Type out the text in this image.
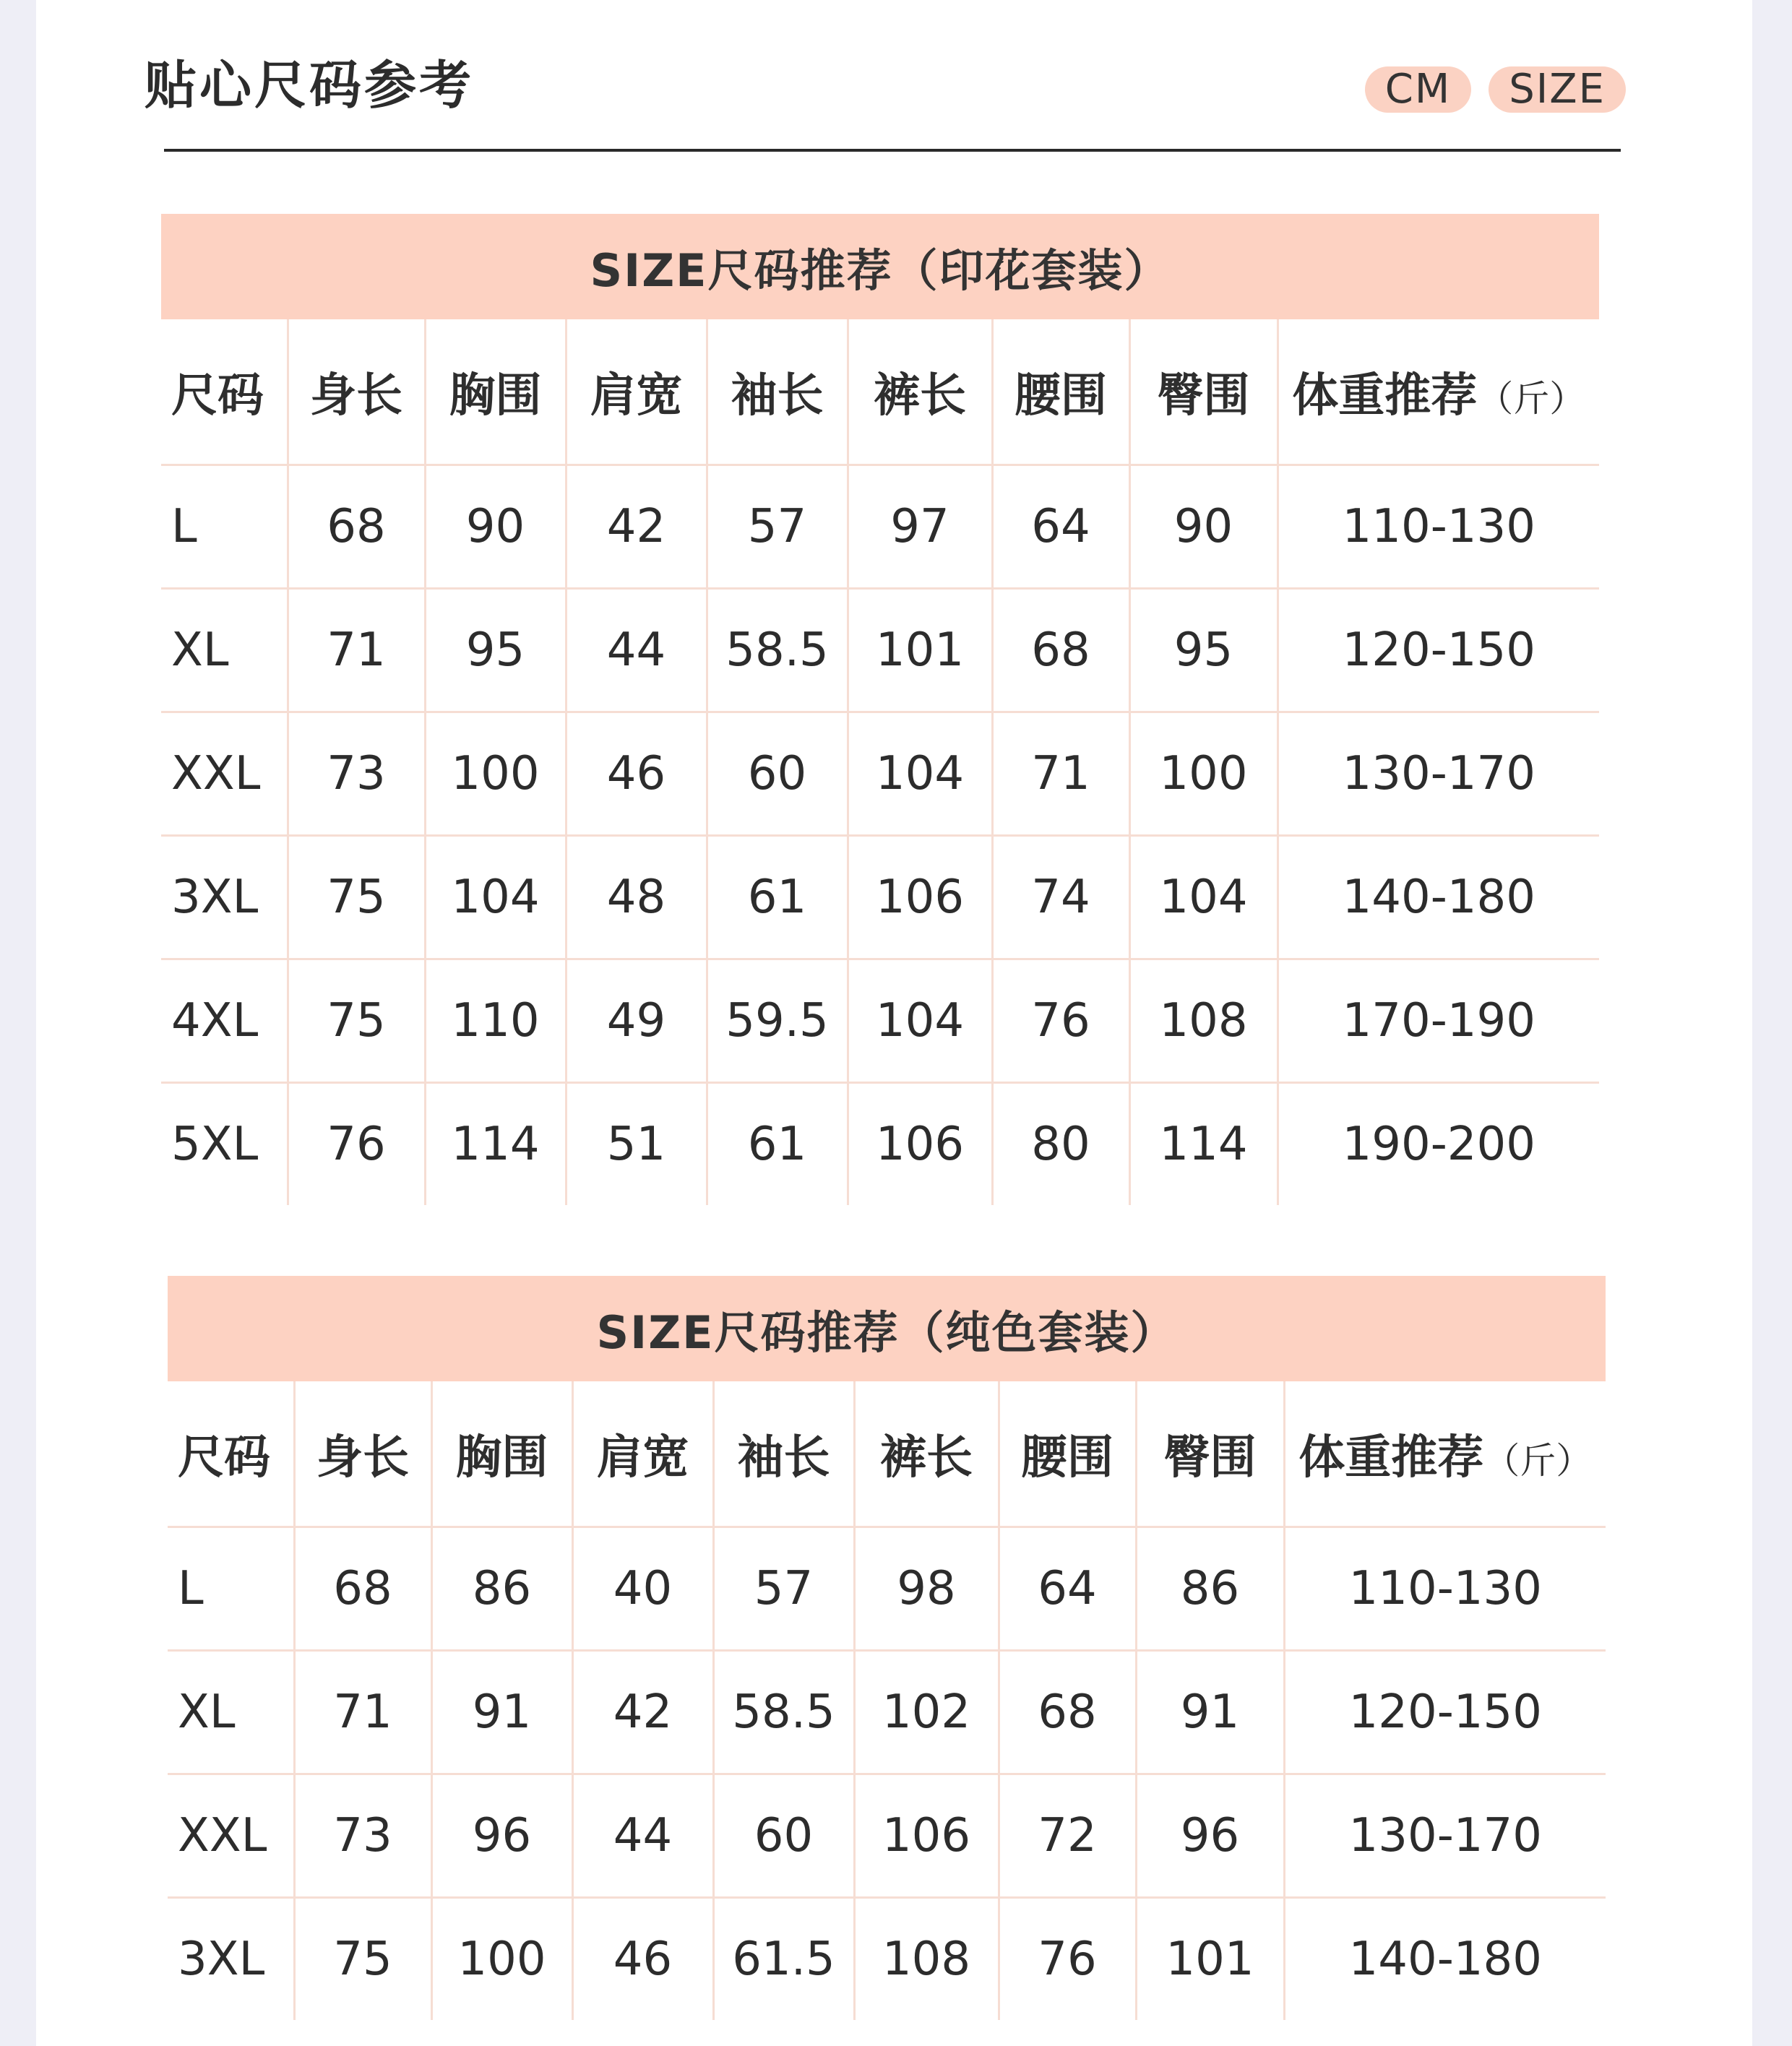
贴心尺码参考	CM	SIZE
SIZE尺码推荐（印花套装）
尺码	身长	胸围	肩宽	袖长	裤长	腰围	臀围	体重推荐（斤）
L	68	90	42	57	97	64	90	110-130
XL	71	95	44	58.5	101	68	95	120-150
XXL	73	100	46	60	104	71	100	130-170
3XL	75	104	48	61	106	74	104	140-180
4XL	75	110	49	59.5	104	76	108	170-190
5XL	76	114	51	61	106	80	114	190-200
SIZE尺码推荐（纯色套装）
尺码	身长	胸围	肩宽	袖长	裤长	腰围	臀围	体重推荐（斤）
L	68	86	40	57	98	64	86	110-130
XL	71	91	42	58.5	102	68	91	120-150
XXL	73	96	44	60	106	72	96	130-170
3XL	75	100	46	61.5	108	76	101	140-180
